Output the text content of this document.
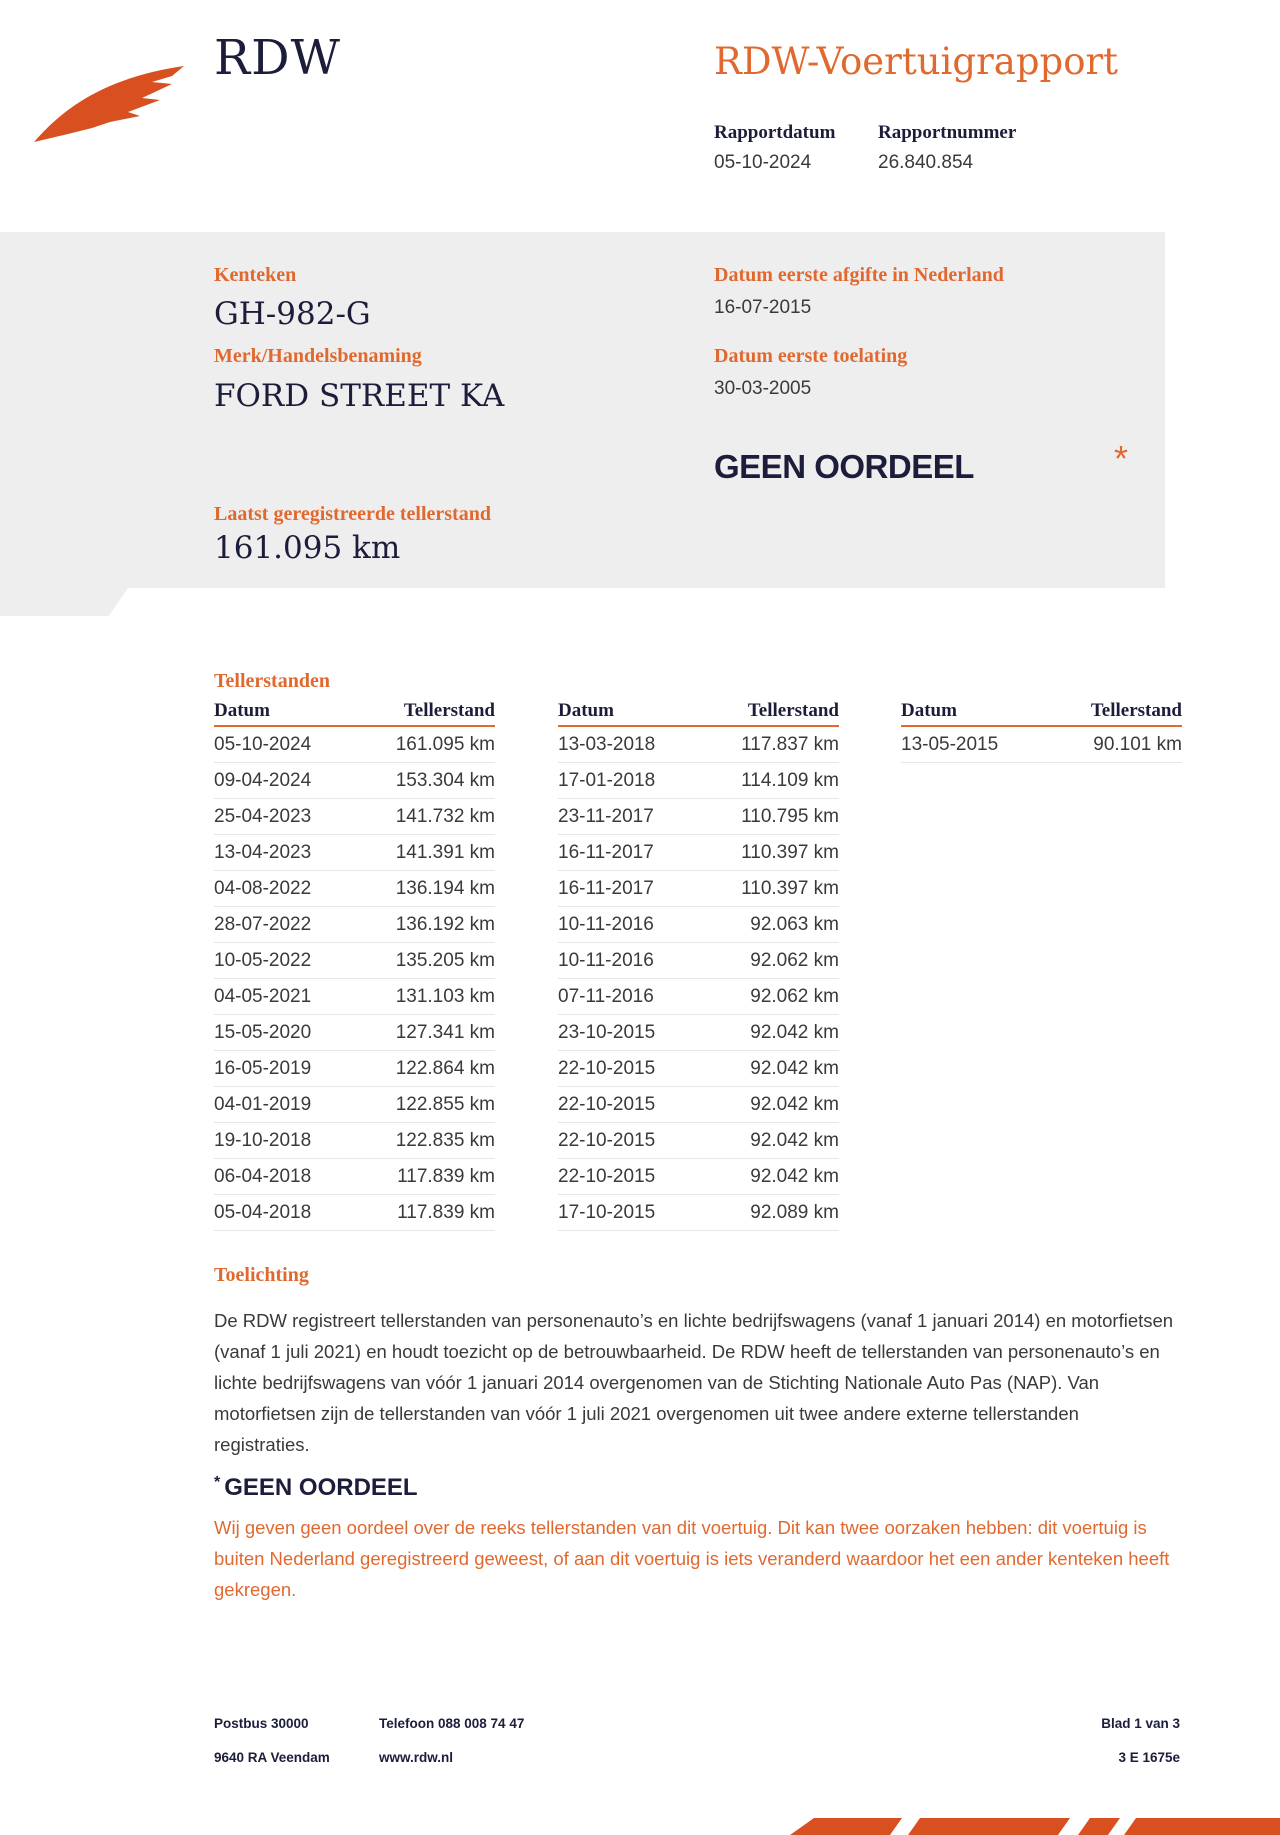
RDW	RDW-Voertuigrapport
Rapportdatum
05-10-2024
Rapportnummer
26.840.854
Kenteken
GH-982-G
Merk/Handelsbenaming
FORD STREET KA
Datum eerste afgifte in Nederland
16-07-2015
Datum eerste toelating
30-03-2005
GEEN OORDEEL	*
Laatst geregistreerde tellerstand
161.095 km
Tellerstanden
Datum	Tellerstand
05-10-2024	161.095 km
09-04-2024	153.304 km
25-04-2023	141.732 km
13-04-2023	141.391 km
04-08-2022	136.194 km
28-07-2022	136.192 km
10-05-2022	135.205 km
04-05-2021	131.103 km
15-05-2020	127.341 km
16-05-2019	122.864 km
04-01-2019	122.855 km
19-10-2018	122.835 km
06-04-2018	117.839 km
05-04-2018	117.839 km
Datum	Tellerstand
13-03-2018	117.837 km
17-01-2018	114.109 km
23-11-2017	110.795 km
16-11-2017	110.397 km
16-11-2017	110.397 km
10-11-2016	92.063 km
10-11-2016	92.062 km
07-11-2016	92.062 km
23-10-2015	92.042 km
22-10-2015	92.042 km
22-10-2015	92.042 km
22-10-2015	92.042 km
22-10-2015	92.042 km
17-10-2015	92.089 km
Datum	Tellerstand
13-05-2015	90.101 km
Toelichting
De RDW registreert tellerstanden van personenauto’s en lichte bedrijfswagens (vanaf 1 januari 2014) en motorfietsen (vanaf 1 juli 2021) en houdt toezicht op de betrouwbaarheid. De RDW heeft de tellerstanden van personenauto’s en lichte bedrijfswagens van vóór 1 januari 2014 overgenomen van de Stichting Nationale Auto Pas (NAP). Van motorfietsen zijn de tellerstanden van vóór 1 juli 2021 overgenomen uit twee andere externe tellerstanden registraties.
* GEEN OORDEEL
Wij geven geen oordeel over de reeks tellerstanden van dit voertuig. Dit kan twee oorzaken hebben: dit voertuig is buiten Nederland geregistreerd geweest, of aan dit voertuig is iets veranderd waardoor het een ander kenteken heeft gekregen.
Postbus 30000
9640 RA Veendam
Telefoon 088 008 74 47
www.rdw.nl
Blad 1 van 3
3 E 1675e
